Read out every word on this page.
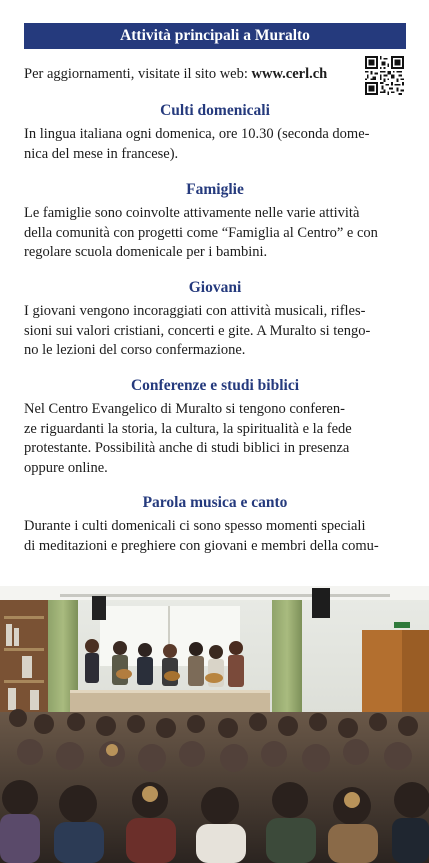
Attività principali a Muralto
Per aggiornamenti, visitate il sito web: www.cerl.ch
Culti domenicali
In lingua italiana ogni domenica, ore 10.30 (seconda dome-
nica del mese in francese).
Famiglie
Le famiglie sono coinvolte attivamente nelle varie attività
della comunità con progetti come “Famiglia al Centro” e con
regolare scuola domenicale per i bambini.
Giovani
I giovani vengono incoraggiati con attività musicali, rifles-
sioni sui valori cristiani, concerti e gite. A Muralto si tengo-
no le lezioni del corso confermazione.
Conferenze e studi biblici
Nel Centro Evangelico di Muralto si tengono conferen-
ze riguardanti la storia, la cultura, la spiritualità e la fede
protestante. Possibilità anche di studi biblici in presenza
oppure online.
Parola musica e canto
Durante i culti domenicali ci sono spesso momenti speciali
di meditazioni e preghiere con giovani e membri della comu-
